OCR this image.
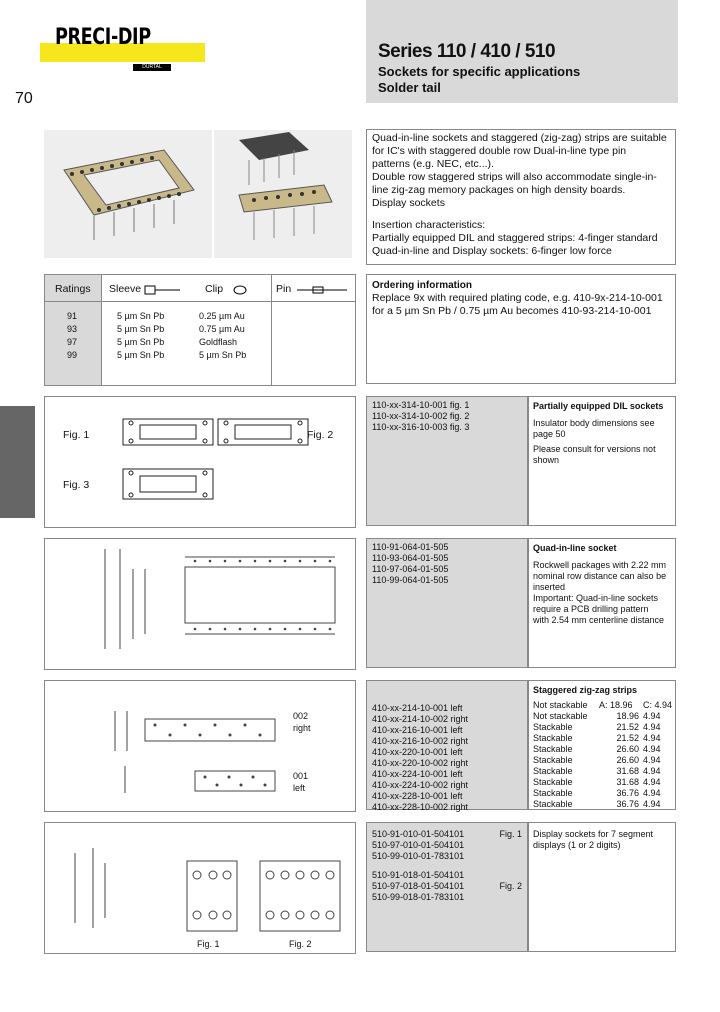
PRECI-DIP
DURTAL
70
Series 110 / 410 / 510
Sockets for specific applications
Solder tail
Quad-in-line sockets and staggered (zig-zag) strips are suitable
for IC's with staggered double row Dual-in-line type pin
patterns (e.g. NEC, etc...).
Double row staggered strips will also accommodate single-in-
line zig-zag memory packages on high density boards.
Display sockets
Insertion characteristics:
Partially equipped DIL and staggered strips: 4-finger standard
Quad-in-line and Display sockets: 6-finger low force
Ratings Sleeve	Clip	Pin
91	5 µm Sn Pb	0.25 µm Au
93	5 µm Sn Pb	0.75 µm Au
97	5 µm Sn Pb	Goldflash
99	5 µm Sn Pb	5 µm Sn Pb
Ordering information
Replace 9x with required plating code, e.g. 410-9x-214-10-001
for a 5 µm Sn Pb / 0.75 µm Au becomes 410-93-214-10-001
Fig. 1	Fig. 2
Fig. 3
110-xx-314-10-001 fig. 1
110-xx-314-10-002 fig. 2
110-xx-316-10-003 fig. 3
Partially equipped DIL sockets
Insulator body dimensions see
page 50
Please consult for versions not
shown
110-91-064-01-505
110-93-064-01-505
110-97-064-01-505
110-99-064-01-505
Quad-in-line socket
Rockwell packages with 2.22 mm
nominal row distance can also be
inserted
Important: Quad-in-line sockets
require a PCB drilling pattern
with 2.54 mm centerline distance
002
right
001
left
410-xx-214-10-001 left
410-xx-214-10-002 right
410-xx-216-10-001 left
410-xx-216-10-002 right
410-xx-220-10-001 left
410-xx-220-10-002 right
410-xx-224-10-001 left
410-xx-224-10-002 right
410-xx-228-10-001 left
410-xx-228-10-002 right
Staggered zig-zag strips
Not stackable	A: 18.96	C: 4.94
Not stackable	18.96 4.94
Stackable	21.52 4.94
Stackable	21.52 4.94
Stackable	26.60 4.94
Stackable	26.60 4.94
Stackable	31.68 4.94
Stackable	31.68 4.94
Stackable	36.76 4.94
Stackable	36.76 4.94
Fig. 1	Fig. 2
510-91-010-01-504101	Fig. 1
510-97-010-01-504101
510-99-010-01-783101
510-91-018-01-504101
510-97-018-01-504101	Fig. 2
510-99-018-01-783101
Display sockets for 7 segment
displays (1 or 2 digits)
